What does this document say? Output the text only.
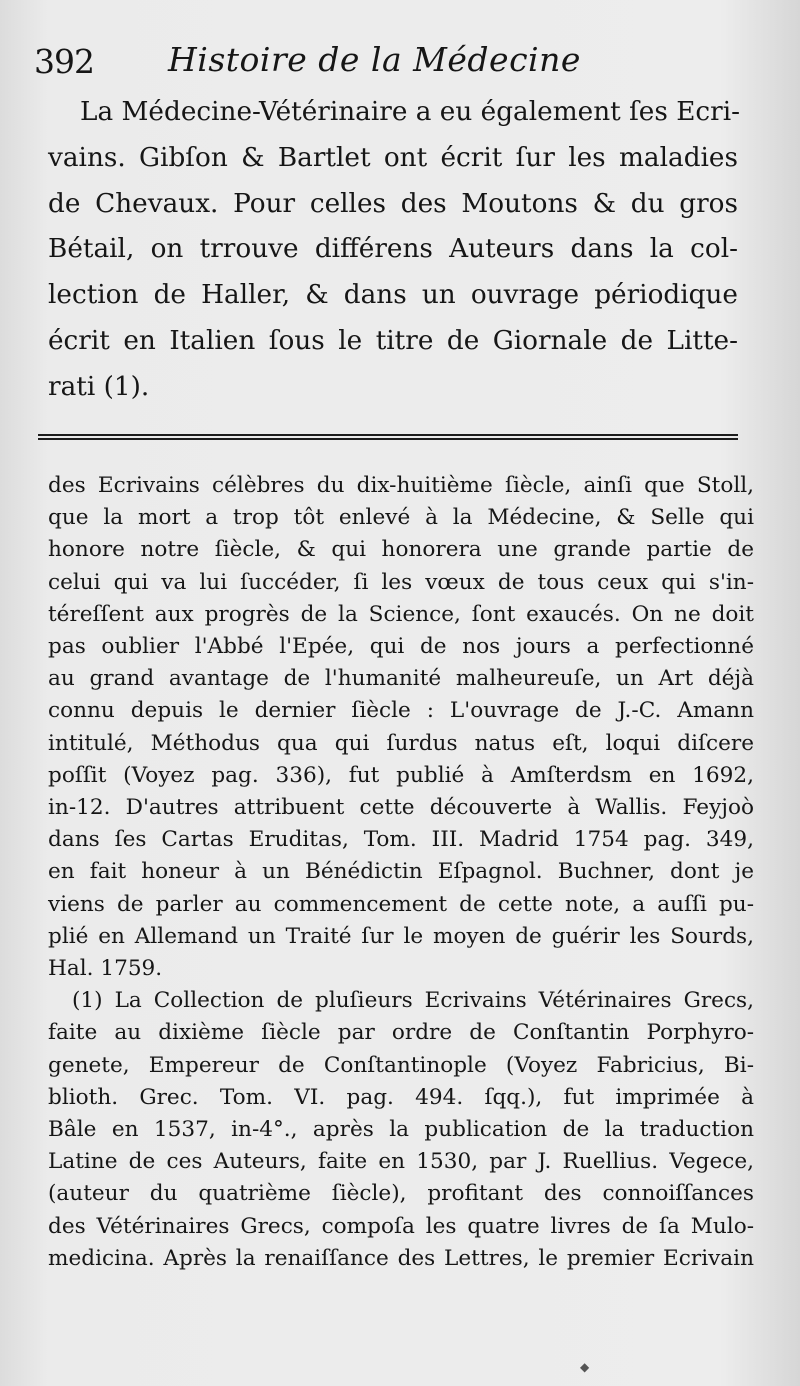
392 Histoire de la Médecine
La Médecine-Vétérinaire a eu également ſes Ecri-
vains. Gibſon & Bartlet ont écrit ſur les maladies
de Chevaux. Pour celles des Moutons & du gros
Bétail, on trrouve différens Auteurs dans la col-
lection de Haller, & dans un ouvrage périodique
écrit en Italien ſous le titre de Giornale de Litte-
rati (1).
des Ecrivains célèbres du dix-huitième ſiècle, ainſi que Stoll,
que la mort a trop tôt enlevé à la Médecine, & Selle qui
honore notre ſiècle, & qui honorera une grande partie de
celui qui va lui ſuccéder, ſi les vœux de tous ceux qui s'in-
téreſſent aux progrès de la Science, ſont exaucés. On ne doit
pas oublier l'Abbé l'Epée, qui de nos jours a perfectionné
au grand avantage de l'humanité malheureuſe, un Art déjà
connu depuis le dernier ſiècle : L'ouvrage de J.-C. Amann
intitulé, Méthodus qua qui ſurdus natus eſt, loqui diſcere
poſſit (Voyez pag. 336), fut publié à Amſterdsm en 1692,
in-12. D'autres attribuent cette découverte à Wallis. Feyjoò
dans ſes Cartas Eruditas, Tom. III. Madrid 1754 pag. 349,
en fait honeur à un Bénédictin Eſpagnol. Buchner, dont je
viens de parler au commencement de cette note, a auſſi pu-
plié en Allemand un Traité ſur le moyen de guérir les Sourds,
Hal. 1759.
(1) La Collection de pluſieurs Ecrivains Vétérinaires Grecs,
faite au dixième ſiècle par ordre de Conſtantin Porphyro-
genete, Empereur de Conſtantinople (Voyez Fabricius, Bi-
blioth. Grec. Tom. VI. pag. 494. ſqq.), fut imprimée à
Bâle en 1537, in-4°., après la publication de la traduction
Latine de ces Auteurs, faite en 1530, par J. Ruellius. Vegece,
(auteur du quatrième ſiècle), profitant des connoiſſances
des Vétérinaires Grecs, compoſa les quatre livres de ſa Mulo-
medicina. Après la renaiſſance des Lettres, le premier Ecrivain
◆
